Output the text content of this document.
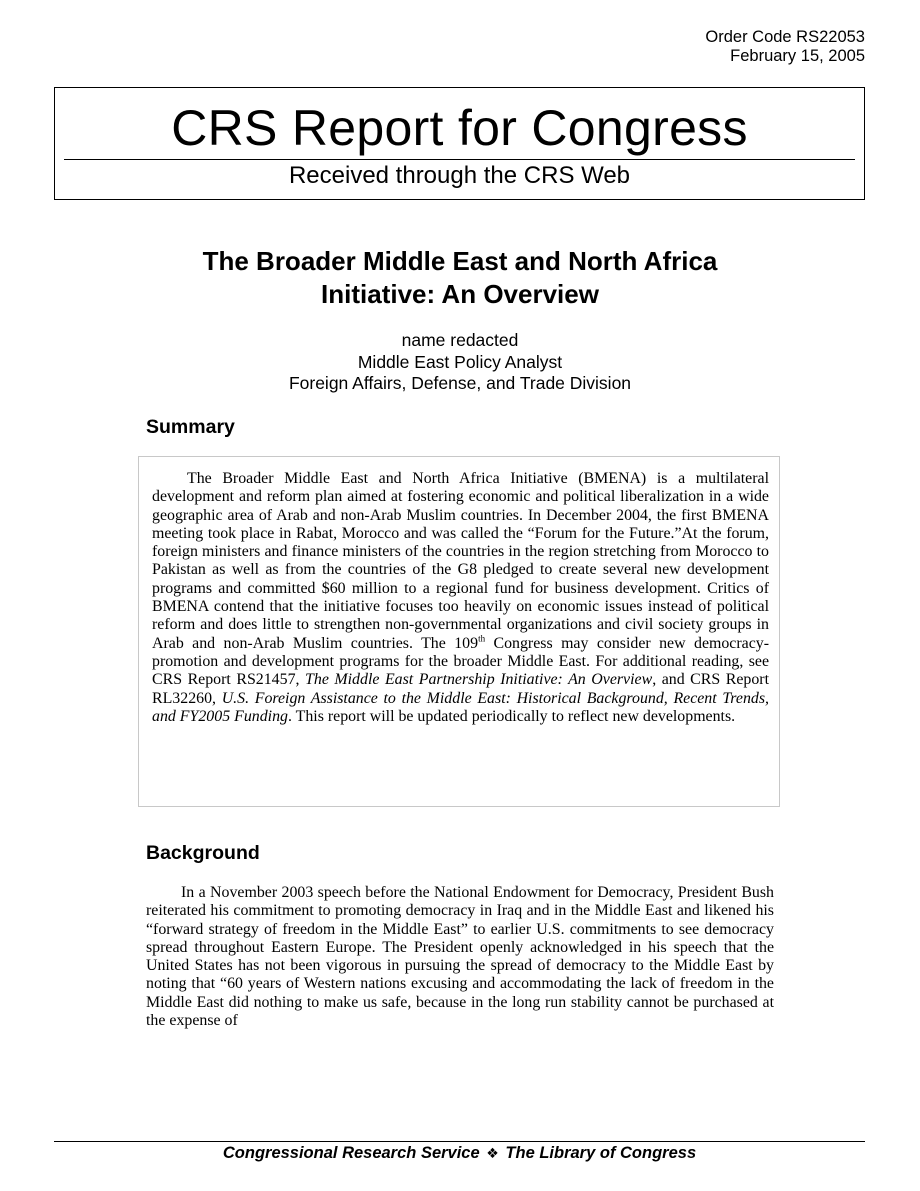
Order Code RS22053
February 15, 2005
CRS Report for Congress
Received through the CRS Web
The Broader Middle East and North Africa
Initiative: An Overview
name redacted
Middle East Policy Analyst
Foreign Affairs, Defense, and Trade Division
Summary

The Broader Middle East and North Africa Initiative (BMENA) is a multilateral development and reform plan aimed at fostering economic and political liberalization in a wide geographic area of Arab and non-Arab Muslim countries. In December 2004, the first BMENA meeting took place in Rabat, Morocco and was called the “Forum for the Future.”At the forum, foreign ministers and finance ministers of the countries in the region stretching from Morocco to Pakistan as well as from the countries of the G8 pledged to create several new development programs and committed $60 million to a regional fund for business development. Critics of BMENA contend that the initiative focuses too heavily on economic issues instead of political reform and does little to strengthen non-governmental organizations and civil society groups in Arab and non-Arab Muslim countries. The 109th Congress may consider new democracy-promotion and development programs for the broader Middle East. For additional reading, see CRS Report RS21457, The Middle East Partnership Initiative: An Overview, and CRS Report RL32260, U.S. Foreign Assistance to the Middle East: Historical Background, Recent Trends, and FY2005 Funding. This report will be updated periodically to reflect new developments.

Background

In a November 2003 speech before the National Endowment for Democracy, President Bush reiterated his commitment to promoting democracy in Iraq and in the Middle East and likened his “forward strategy of freedom in the Middle East” to earlier U.S. commitments to see democracy spread throughout Eastern Europe. The President openly acknowledged in his speech that the United States has not been vigorous in pursuing the spread of democracy to the Middle East by noting that “60 years of Western nations excusing and accommodating the lack of freedom in the Middle East did nothing to make us safe, because in the long run stability cannot be purchased at the expense of

Congressional Research Service ❖ The Library of Congress
